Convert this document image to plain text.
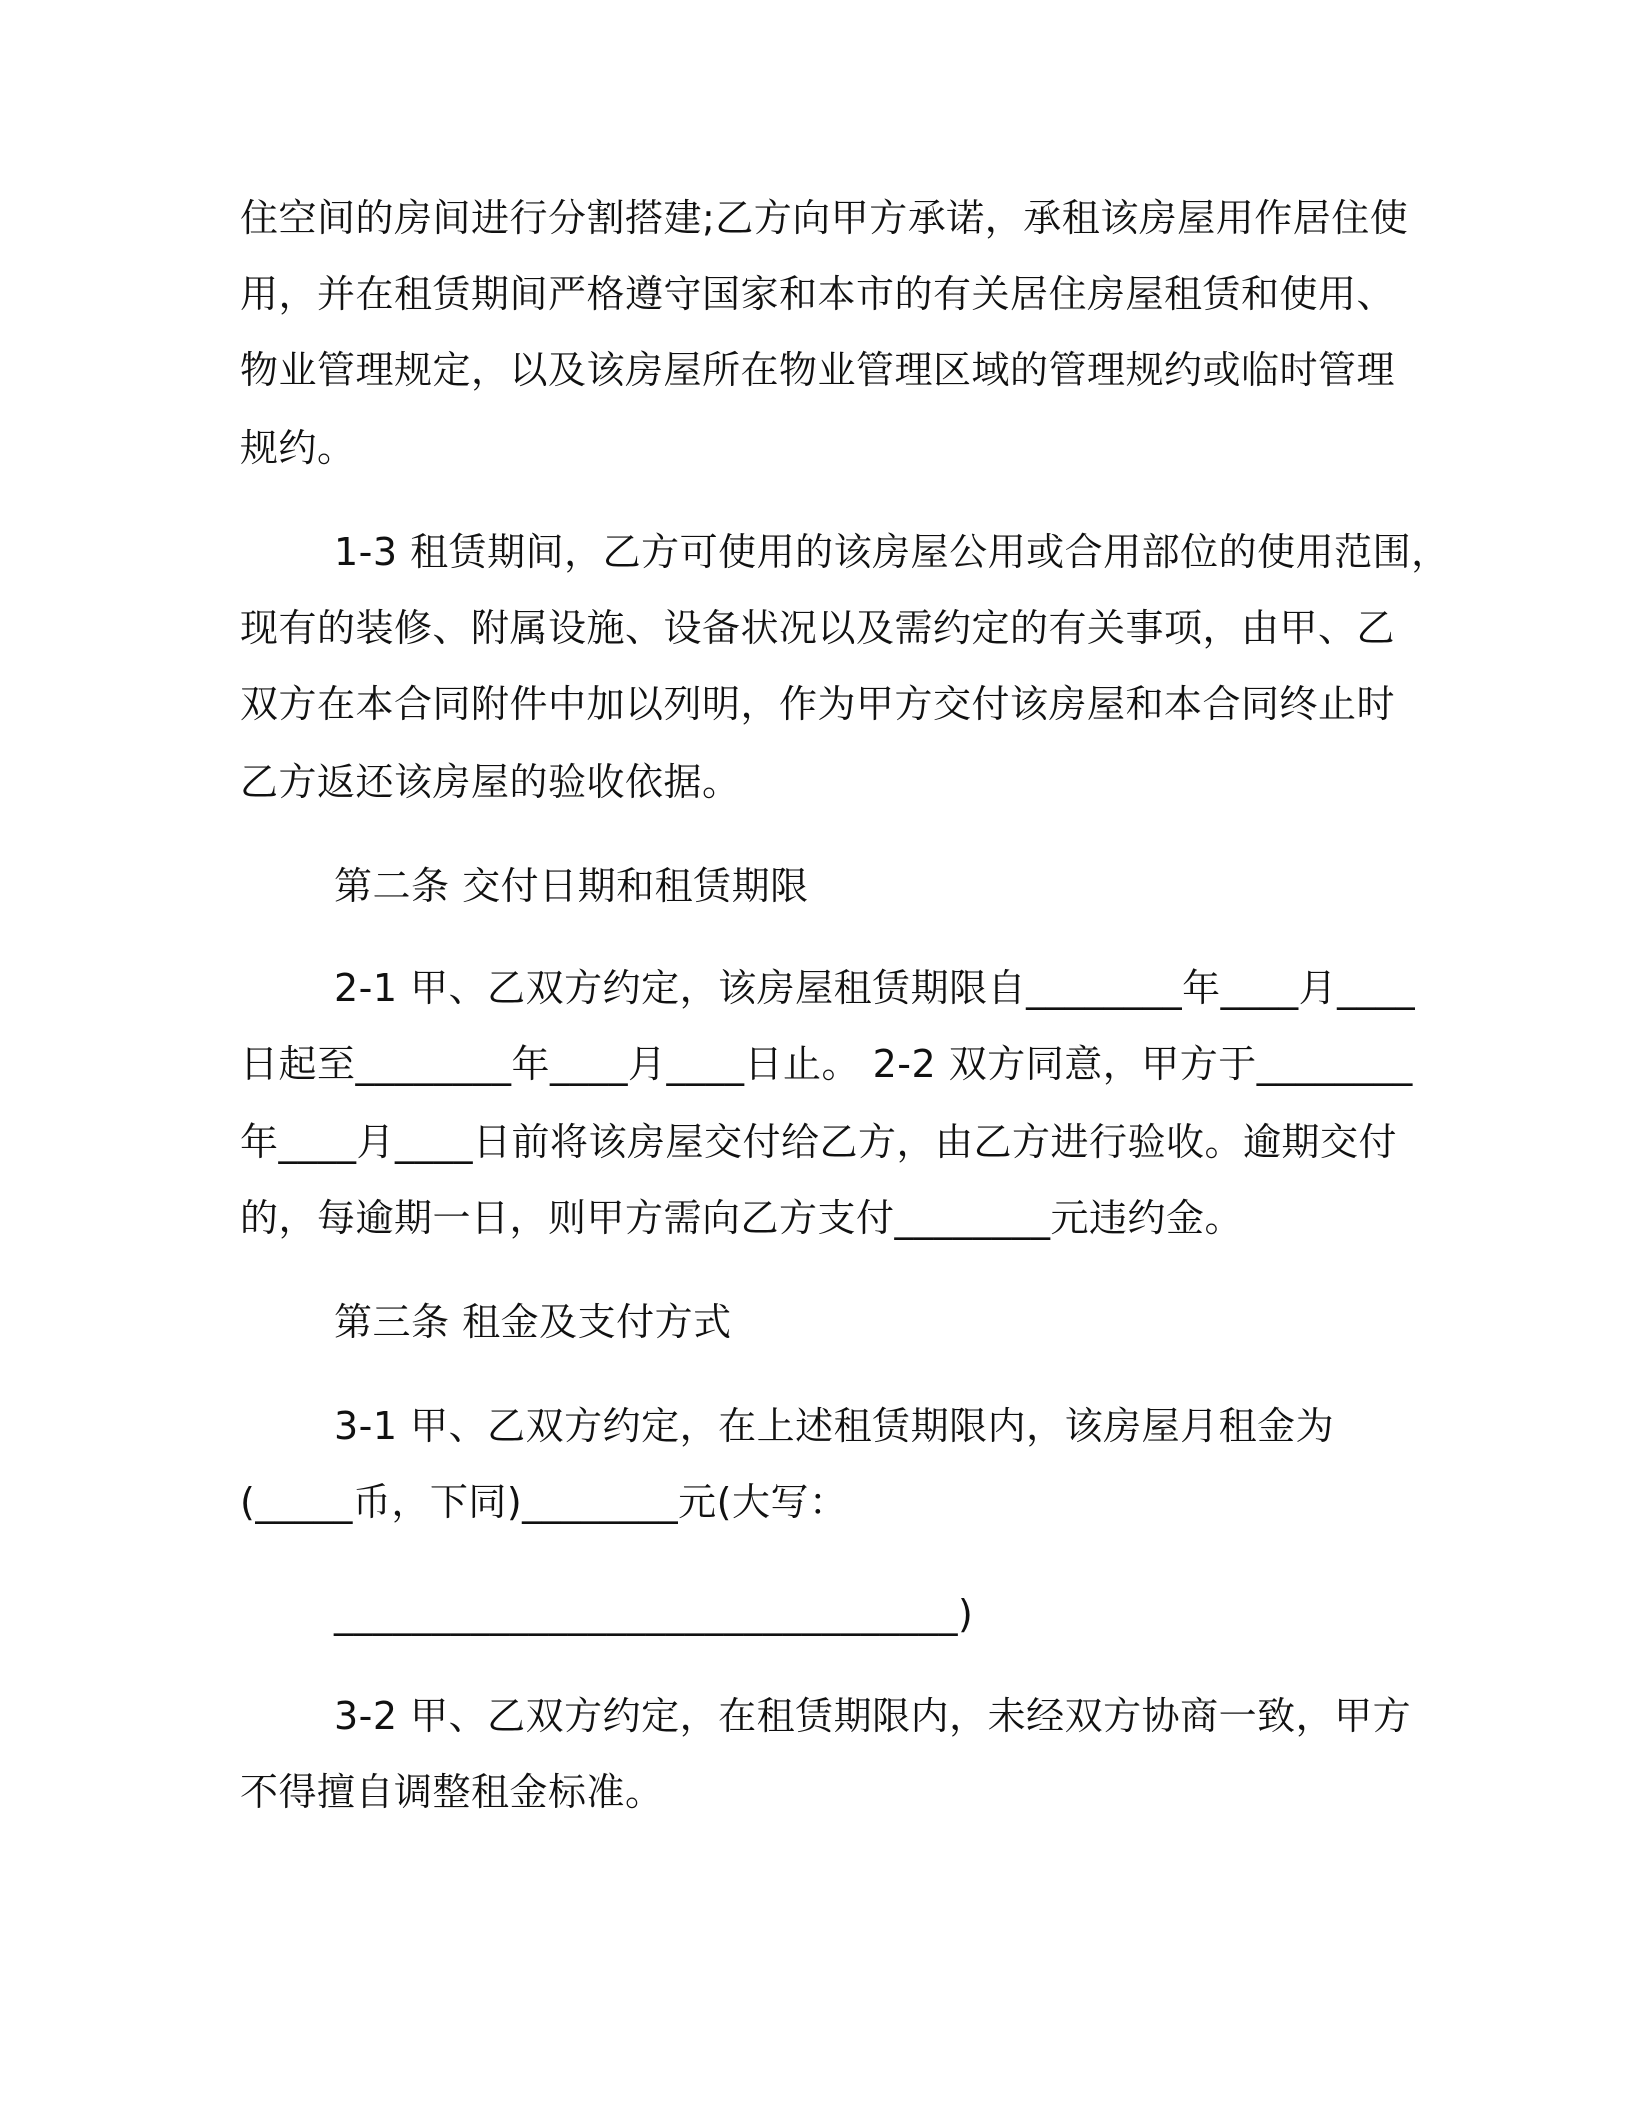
住空间的房间进行分割搭建;乙方向甲方承诺，承租该房屋用作居住使
用，并在租赁期间严格遵守国家和本市的有关居住房屋租赁和使用、
物业管理规定，以及该房屋所在物业管理区域的管理规约或临时管理
规约。
1-3 租赁期间，乙方可使用的该房屋公用或合用部位的使用范围，
现有的装修、附属设施、设备状况以及需约定的有关事项，由甲、乙
双方在本合同附件中加以列明，作为甲方交付该房屋和本合同终止时
乙方返还该房屋的验收依据。
第二条 交付日期和租赁期限
2-1 甲、乙双方约定，该房屋租赁期限自________年____月____
日起至________年____月____日止。 2-2 双方同意，甲方于________
年____月____日前将该房屋交付给乙方，由乙方进行验收。逾期交付
的，每逾期一日，则甲方需向乙方支付________元违约金。
第三条 租金及支付方式
3-1 甲、乙双方约定，在上述租赁期限内，该房屋月租金为
(_____币，下同)________元(大写：
________________________________)
3-2 甲、乙双方约定，在租赁期限内，未经双方协商一致，甲方
不得擅自调整租金标准。
